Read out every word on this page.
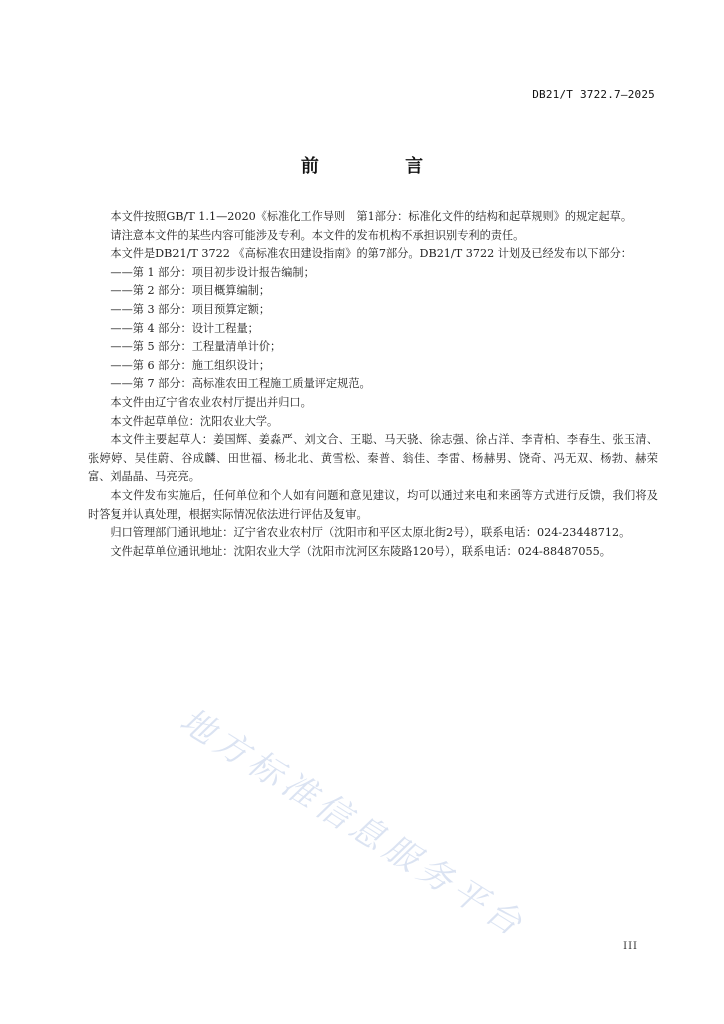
DB21/T 3722.7—2025
前 言

本文件按照GB/T 1.1—2020《标准化工作导则　第1部分：标准化文件的结构和起草规则》的规定起草。

请注意本文件的某些内容可能涉及专利。本文件的发布机构不承担识别专利的责任。

本文件是DB21/T 3722 《高标准农田建设指南》的第7部分。DB21/T 3722 计划及已经发布以下部分：

——第 1 部分：项目初步设计报告编制；

——第 2 部分：项目概算编制；

——第 3 部分：项目预算定额；

——第 4 部分：设计工程量；

——第 5 部分：工程量清单计价；

——第 6 部分：施工组织设计；

——第 7 部分：高标准农田工程施工质量评定规范。

本文件由辽宁省农业农村厅提出并归口。

本文件起草单位：沈阳农业大学。

本文件主要起草人：姜国辉、姜淼严、刘文合、王聪、马天骁、徐志强、徐占洋、李青柏、李春生、张玉清、张婷婷、吴佳蔚、谷成麟、田世福、杨北北、黄雪松、秦普、翁佳、李雷、杨赫男、饶奇、冯无双、杨勃、赫荣富、刘晶晶、马亮亮。

本文件发布实施后，任何单位和个人如有问题和意见建议，均可以通过来电和来函等方式进行反馈，我们将及时答复并认真处理，根据实际情况依法进行评估及复审。

归口管理部门通讯地址：辽宁省农业农村厅（沈阳市和平区太原北街2号），联系电话：024-23448712。

文件起草单位通讯地址：沈阳农业大学（沈阳市沈河区东陵路120号），联系电话：024-88487055。

地方标准信息服务平台
III
